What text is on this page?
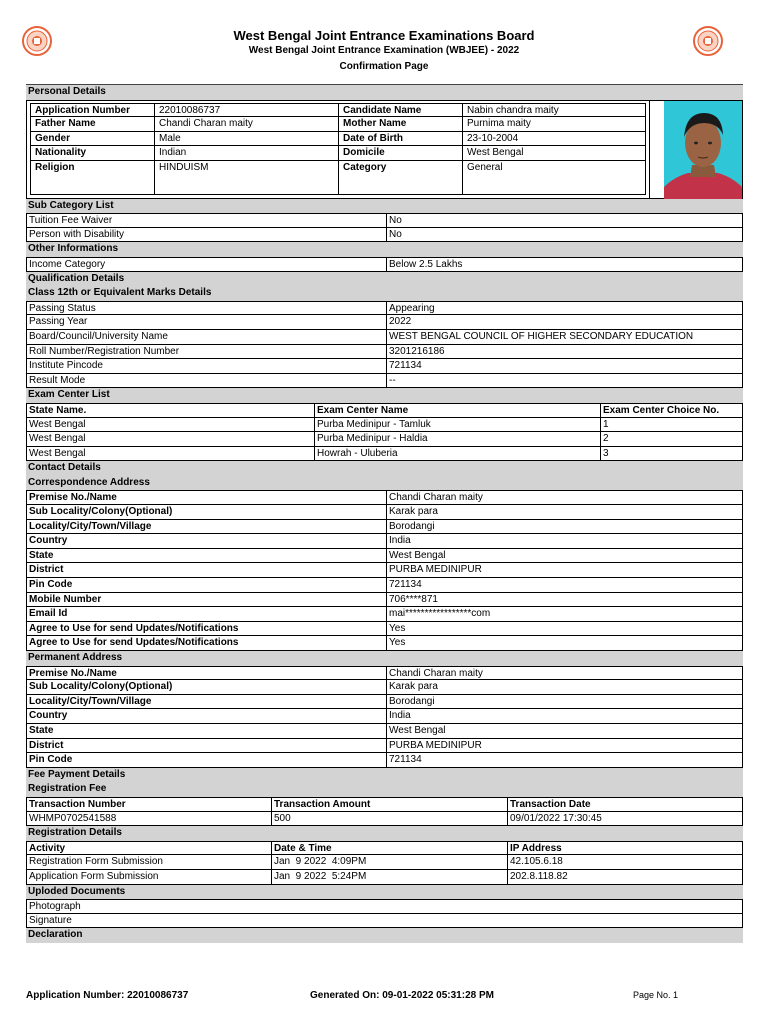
West Bengal Joint Entrance Examinations Board
West Bengal Joint Entrance Examination (WBJEE) - 2022
Confirmation Page
Personal Details
Application Number	22010086737	Candidate Name	Nabin chandra maity
Father Name	Chandi Charan maity	Mother Name	Purnima maity
Gender	Male	Date of Birth	23-10-2004
Nationality	Indian	Domicile	West Bengal
Religion	HINDUISM	Category	General
Sub Category List
Tuition Fee Waiver	No
Person with Disability	No
Other Informations
Income Category	Below 2.5 Lakhs
Qualification Details
Class 12th or Equivalent Marks Details
Passing Status	Appearing
Passing Year	2022
Board/Council/University Name	WEST BENGAL COUNCIL OF HIGHER SECONDARY EDUCATION
Roll Number/Registration Number	3201216186
Institute Pincode	721134
Result Mode	--
Exam Center List
State Name.	Exam Center Name	Exam Center Choice No.
West Bengal	Purba Medinipur - Tamluk	1
West Bengal	Purba Medinipur - Haldia	2
West Bengal	Howrah - Uluberia	3
Contact Details
Correspondence Address
Premise No./Name	Chandi Charan maity
Sub Locality/Colony(Optional)	Karak para
Locality/City/Town/Village	Borodangi
Country	India
State	West Bengal
District	PURBA MEDINIPUR
Pin Code	721134
Mobile Number	706****871
Email Id	mai*****************com
Agree to Use for send Updates/Notifications	Yes
Agree to Use for send Updates/Notifications	Yes
Permanent Address
Premise No./Name	Chandi Charan maity
Sub Locality/Colony(Optional)	Karak para
Locality/City/Town/Village	Borodangi
Country	India
State	West Bengal
District	PURBA MEDINIPUR
Pin Code	721134
Fee Payment Details
Registration Fee
Transaction Number	Transaction Amount	Transaction Date
WHMP0702541588	500	09/01/2022 17:30:45
Registration Details
Activity	Date & Time	IP Address
Registration Form Submission	Jan  9 2022  4:09PM	42.105.6.18
Application Form Submission	Jan  9 2022  5:24PM	202.8.118.82
Uploded Documents
Photograph
Signature
Declaration
Application Number: 22010086737	Generated On: 09-01-2022 05:31:28 PM	Page No. 1
